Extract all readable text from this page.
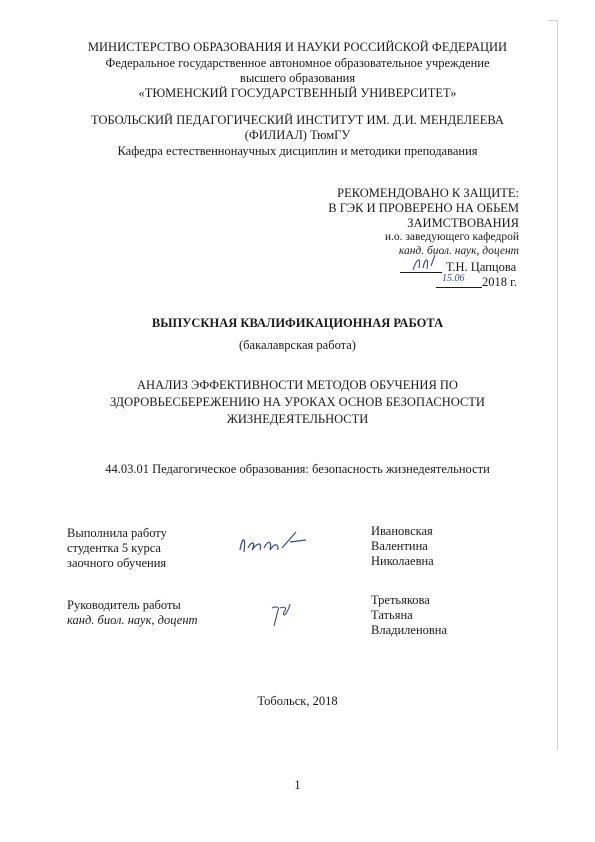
МИНИСТЕРСТВО ОБРАЗОВАНИЯ И НАУКИ РОССИЙСКОЙ ФЕДЕРАЦИИ
Федеральное государственное автономное образовательное учреждение
высшего образования
«ТЮМЕНСКИЙ ГОСУДАРСТВЕННЫЙ УНИВЕРСИТЕТ»
ТОБОЛЬСКИЙ ПЕДАГОГИЧЕСКИЙ ИНСТИТУТ ИМ. Д.И. МЕНДЕЛЕЕВА
(ФИЛИАЛ) ТюмГУ
Кафедра естественнонаучных дисциплин и методики преподавания
РЕКОМЕНДОВАНО К ЗАЩИТЕ:
В ГЭК И ПРОВЕРЕНО НА ОБЬЕМ
ЗАИМСТВОВАНИЯ
и.о. заведующего кафедрой
канд. биол. наук, доцент
Т.Н. Цапцова
15.06 2018 г.
ВЫПУСКНАЯ КВАЛИФИКАЦИОННАЯ РАБОТА
(бакалаврская работа)
АНАЛИЗ ЭФФЕКТИВНОСТИ МЕТОДОВ ОБУЧЕНИЯ ПО
ЗДОРОВЬЕСБЕРЕЖЕНИЮ НА УРОКАХ ОСНОВ БЕЗОПАСНОСТИ
ЖИЗНЕДЕЯТЕЛЬНОСТИ
44.03.01 Педагогическое образования: безопасность жизнедеятельности
Выполнила работу
студентка 5 курса
заочного обучения
Ивановская
Валентина
Николаевна
Руководитель работы
канд. биол. наук, доцент
Третьякова
Татьяна
Владиленовна
Тобольск, 2018
1
